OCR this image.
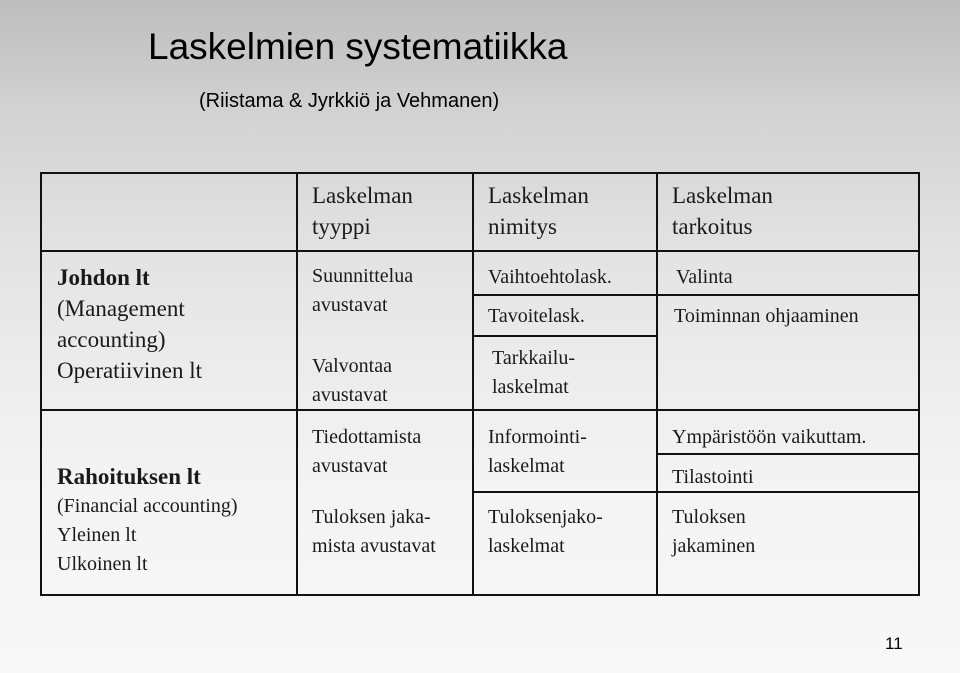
Laskelmien systematiikka
(Riistama & Jyrkkiö ja Vehmanen)
Laskelman
tyyppi
Laskelman
nimitys
Laskelman
tarkoitus
Johdon lt
(Management
accounting)
Operatiivinen lt
Suunnittelua
avustavat
Valvontaa
avustavat
Vaihtoehtolask.
Tavoitelask.
Tarkkailu-
laskelmat
Valinta
Toiminnan ohjaaminen
Rahoituksen lt
(Financial accounting)
Yleinen lt
Ulkoinen lt
Tiedottamista
avustavat
Tuloksen jaka-
mista avustavat
Informointi-
laskelmat
Tuloksenjako-
laskelmat
Ympäristöön vaikuttam.
Tilastointi
Tuloksen
jakaminen
11
